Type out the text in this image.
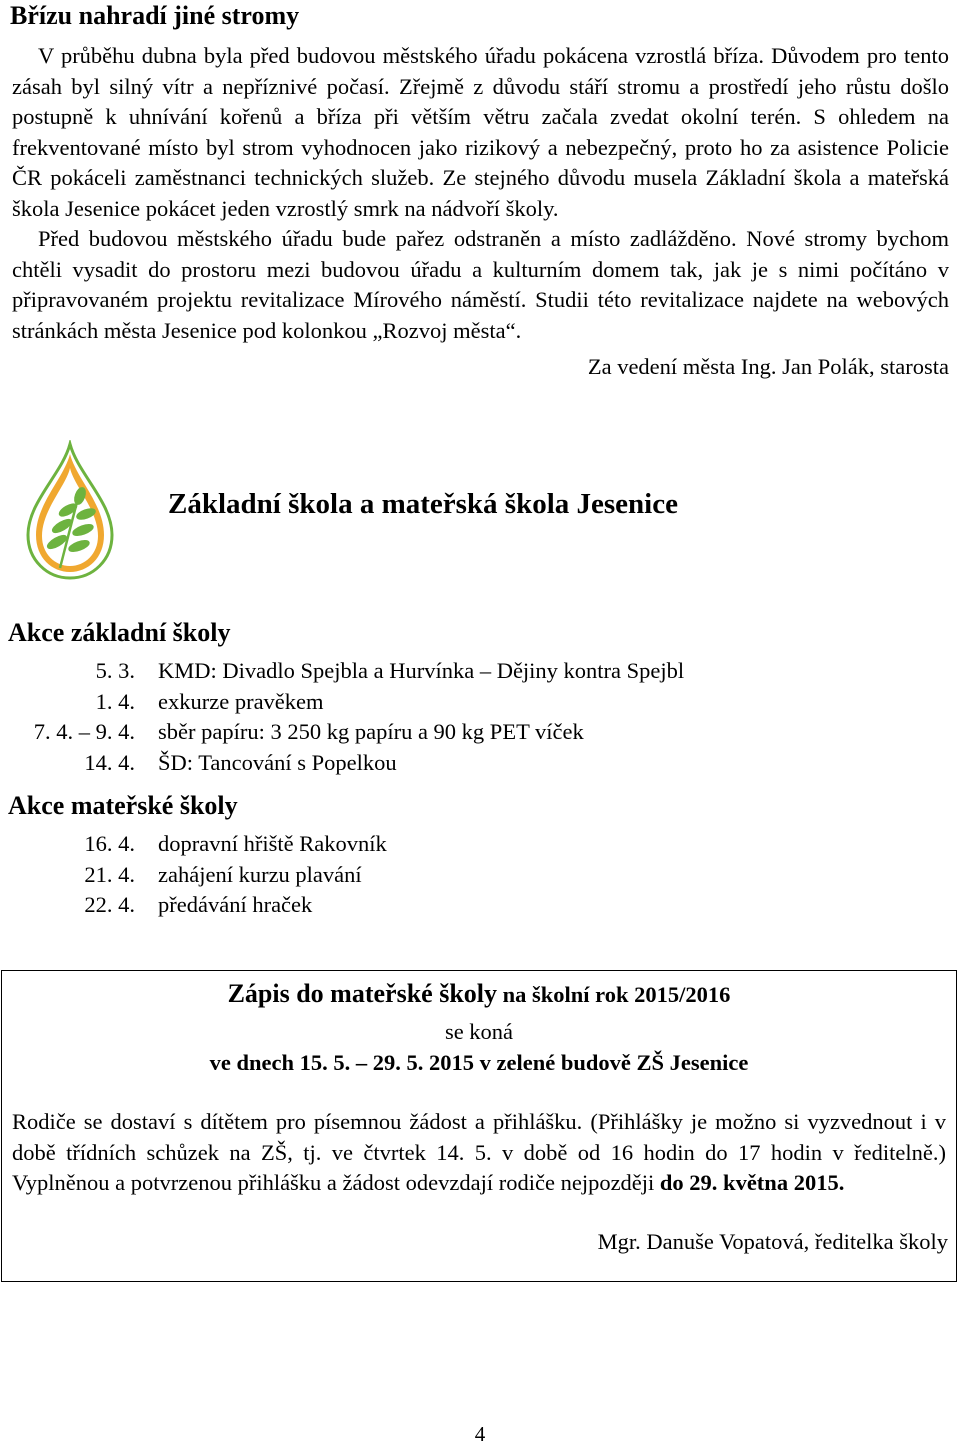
Břízu nahradí jiné stromy

V průběhu dubna byla před budovou městského úřadu pokácena vzrostlá bříza. Důvodem pro tento zásah byl silný vítr a nepříznivé počasí. Zřejmě z důvodu stáří stromu a prostředí jeho růstu došlo postupně k uhnívání kořenů a bříza při větším větru začala zvedat okolní terén. S ohledem na frekventované místo byl strom vyhodnocen jako rizikový a nebezpečný, proto ho za asistence Policie ČR pokáceli zaměstnanci technických služeb. Ze stejného důvodu musela Základní škola a mateřská škola Jesenice pokácet jeden vzrostlý smrk na nádvoří školy.

Před budovou městského úřadu bude pařez odstraněn a místo zadlážděno. Nové stromy bychom chtěli vysadit do prostoru mezi budovou úřadu a kulturním domem tak, jak je s nimi počítáno v připravovaném projektu revitalizace Mírového náměstí. Studii této revitalizace najdete na webových stránkách města Jesenice pod kolonkou „Rozvoj města“.

Za vedení města Ing. Jan Polák, starosta
Základní škola a mateřská škola Jesenice
Akce základní školy
5. 3.	KMD: Divadlo Spejbla a Hurvínka – Dějiny kontra Spejbl
1. 4.	exkurze pravěkem
7. 4. – 9. 4.	sběr papíru: 3 250 kg papíru a 90 kg PET víček
14. 4.	ŠD: Tancování s Popelkou
Akce mateřské školy
16. 4.	dopravní hřiště Rakovník
21. 4.	zahájení kurzu plavání
22. 4.	předávání hraček
Zápis do mateřské školy na školní rok 2015/2016
se koná
ve dnech 15. 5. – 29. 5. 2015 v zelené budově ZŠ Jesenice

Rodiče se dostaví s dítětem pro písemnou žádost a přihlášku. (Přihlášky je možno si vyzvednout i v době třídních schůzek na ZŠ, tj. ve čtvrtek 14. 5. v době od 16 hodin do 17 hodin v ředitelně.) Vyplněnou a potvrzenou přihlášku a žádost odevzdají rodiče nejpozději do 29. května 2015.

Mgr. Danuše Vopatová, ředitelka školy
4
